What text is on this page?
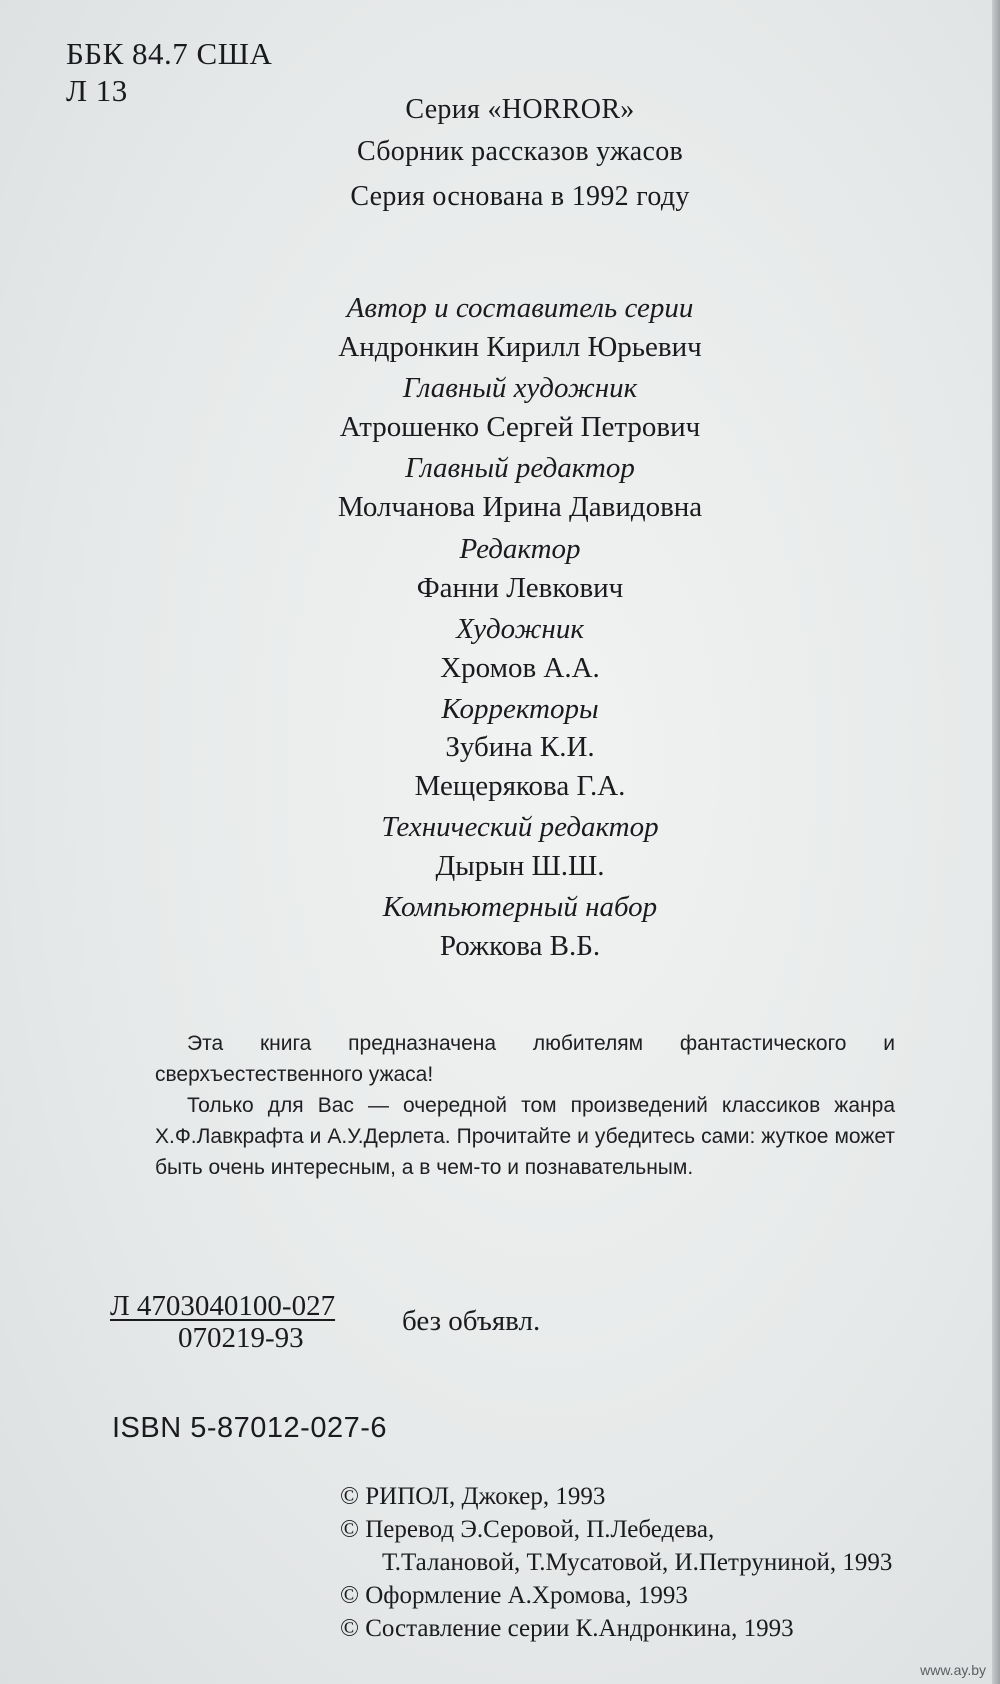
ББК 84.7 США
Л 13
Серия «HORROR»
Сборник рассказов ужасов
Серия основана в 1992 году
Автор и составитель серии
Андронкин Кирилл Юрьевич
Главный художник
Атрошенко Сергей Петрович
Главный редактор
Молчанова Ирина Давидовна
Редактор
Фанни Левкович
Художник
Хромов А.А.
Корректоры
Зубина К.И.
Мещерякова Г.А.
Технический редактор
Дырын Ш.Ш.
Компьютерный набор
Рожкова В.Б.

Эта книга предназначена любителям фантастического и сверхъестественного ужаса!

Только для Вас — очередной том произведений классиков жанра Х.Ф.Лавкрафта и А.У.Дерлета. Прочитайте и убедитесь сами: жуткое может быть очень интересным, а в чем-то и познавательным.

Л 4703040100-027
070219-93
без объявл.
ISBN 5-87012-027-6
© РИПОЛ, Джокер, 1993
© Перевод Э.Серовой, П.Лебедева,
Т.Талановой, Т.Мусатовой, И.Петруниной, 1993
© Оформление А.Хромова, 1993
© Составление серии К.Андронкина, 1993
www.ay.by
